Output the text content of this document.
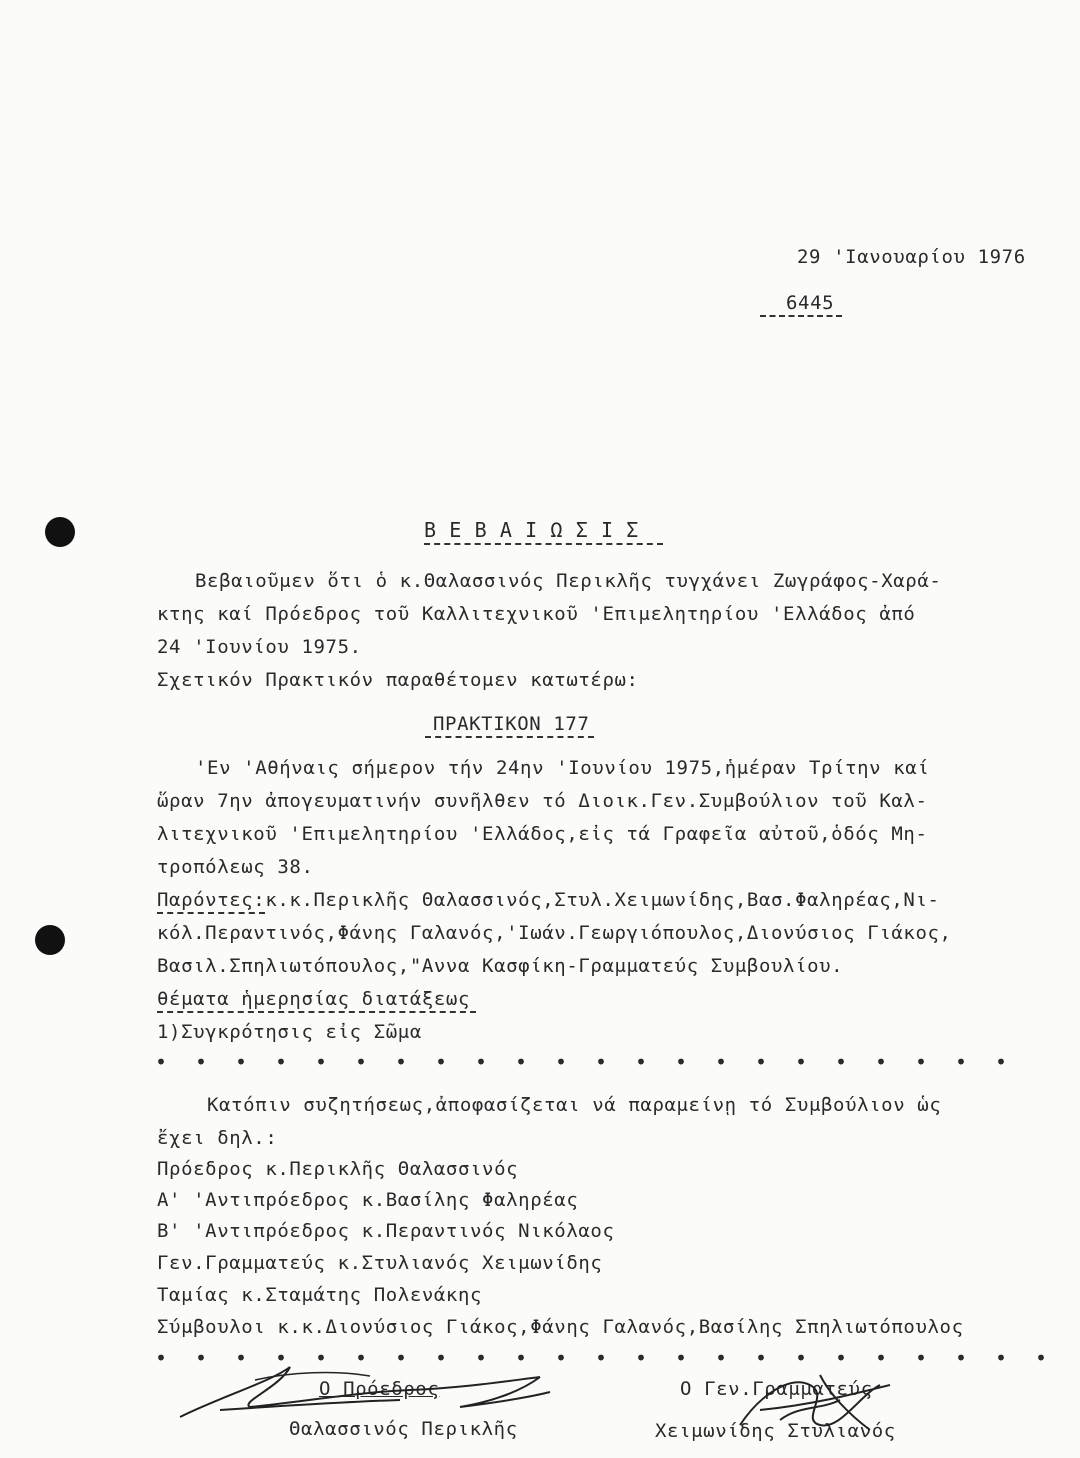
29 'Ιανουαρίου 1976
6445
Β Ε Β Α Ι Ω Σ Ι Σ
Βεβαιοῦμεν ὅτι ὁ κ.Θαλασσινός Περικλῆς τυγχάνει Ζωγράφος-Χαρά-
κτης καί Πρόεδρος τοῦ Καλλιτεχνικοῦ 'Επιμελητηρίου 'Ελλάδος ἀπό
24 'Ιουνίου 1975.
Σχετικόν Πρακτικόν παραθέτομεν κατωτέρω:
ΠΡΑΚΤΙΚΟΝ 177
'Εν 'Αθήναις σήμερον τήν 24ην 'Ιουνίου 1975,ἡμέραν Τρίτην καί
ὥραν 7ην ἀπογευματινήν συνῆλθεν τό Διοικ.Γεν.Συμβούλιον τοῦ Καλ-
λιτεχνικοῦ 'Επιμελητηρίου 'Ελλάδος,εἰς τά Γραφεῖα αὐτοῦ,ὁδός Μη-
τροπόλεως 38.
Παρόντες:κ.κ.Περικλῆς Θαλασσινός,Στυλ.Χειμωνίδης,Βασ.Φαληρέας,Νι-
κόλ.Περαντινός,Φάνης Γαλανός,'Ιωάν.Γεωργιόπουλος,Διονύσιος Γιάκος,
Βασιλ.Σπηλιωτόπουλος,"Αννα Κασφίκη-Γραμματεύς Συμβουλίου.
θέματα ἡμερησίας διατάξεως
1)Συγκρότησις εἰς Σῶμα
• • • • • • • • • • • • • • • • • • • • • •
Κατόπιν συζητήσεως,ἀποφασίζεται νά παραμείνῃ τό Συμβούλιον ὡς
ἔχει δηλ.:
Πρόεδρος κ.Περικλῆς Θαλασσινός
Α' 'Αντιπρόεδρος κ.Βασίλης Φαληρέας
Β' 'Αντιπρόεδρος κ.Περαντινός Νικόλαος
Γεν.Γραμματεύς κ.Στυλιανός Χειμωνίδης
Ταμίας κ.Σταμάτης Πολενάκης
Σύμβουλοι κ.κ.Διονύσιος Γιάκος,Φάνης Γαλανός,Βασίλης Σπηλιωτόπουλος
• • • • • • • • • • • • • • • • • • • • • • •
Ο Πρόεδρος
Θαλασσινός Περικλῆς
Ο Γεν.Γραμματεύς
Χειμωνίδης Στυλιανός
